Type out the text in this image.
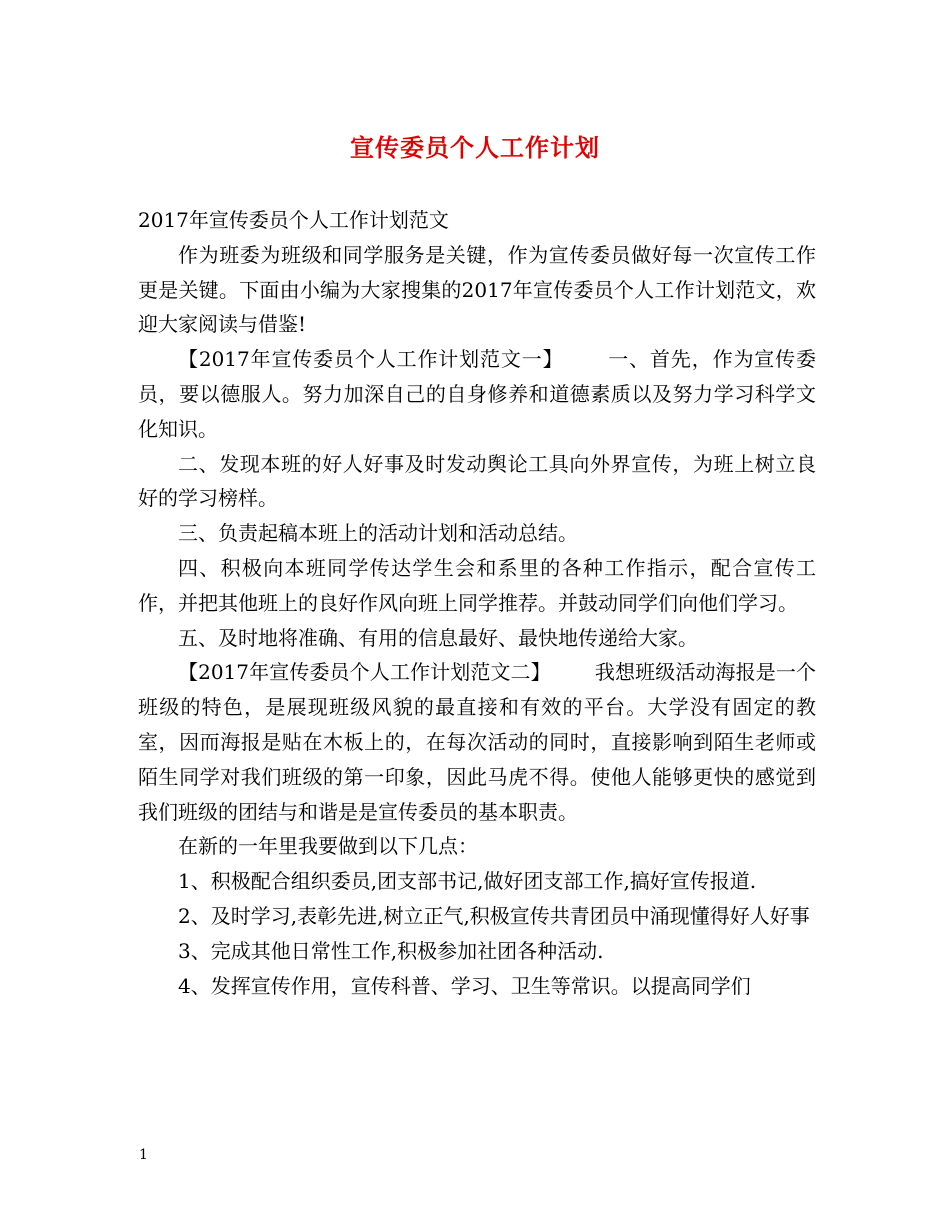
宣传委员个人工作计划

2017年宣传委员个人工作计划范文

作为班委为班级和同学服务是关键，作为宣传委员做好每一次宣传工作更是关键。下面由小编为大家搜集的2017年宣传委员个人工作计划范文，欢迎大家阅读与借鉴!

【2017年宣传委员个人工作计划范文一】 一、首先，作为宣传委员，要以德服人。努力加深自己的自身修养和道德素质以及努力学习科学文化知识。

二、发现本班的好人好事及时发动舆论工具向外界宣传，为班上树立良好的学习榜样。

三、负责起稿本班上的活动计划和活动总结。

四、积极向本班同学传达学生会和系里的各种工作指示，配合宣传工作，并把其他班上的良好作风向班上同学推荐。并鼓动同学们向他们学习。

五、及时地将准确、有用的信息最好、最快地传递给大家。

【2017年宣传委员个人工作计划范文二】 我想班级活动海报是一个班级的特色，是展现班级风貌的最直接和有效的平台。大学没有固定的教室，因而海报是贴在木板上的，在每次活动的同时，直接影响到陌生老师或陌生同学对我们班级的第一印象，因此马虎不得。使他人能够更快的感觉到我们班级的团结与和谐是是宣传委员的基本职责。

在新的一年里我要做到以下几点：

1、积极配合组织委员,团支部书记,做好团支部工作,搞好宣传报道.

2、及时学习,表彰先进,树立正气,积极宣传共青团员中涌现懂得好人好事

3、完成其他日常性工作,积极参加社团各种活动.

4、发挥宣传作用，宣传科普、学习、卫生等常识。以提高同学们

1
